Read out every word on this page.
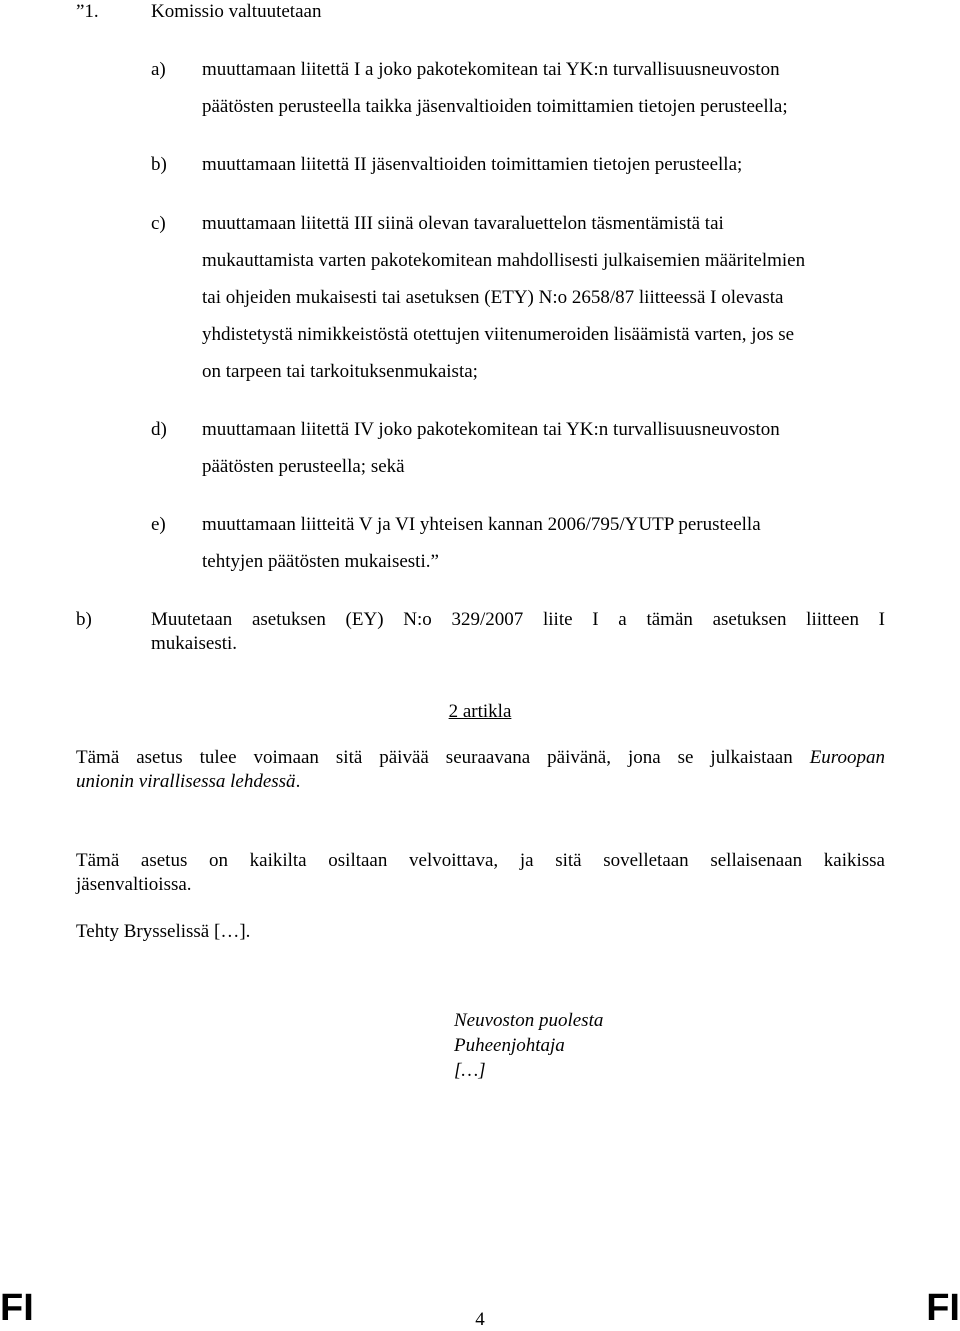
”1.	Komissio valtuutetaan
a) muuttamaan liitettä I a joko pakotekomitean tai YK:n turvallisuusneuvoston
päätösten perusteella taikka jäsenvaltioiden toimittamien tietojen perusteella;
b) muuttamaan liitettä II jäsenvaltioiden toimittamien tietojen perusteella;
c) muuttamaan liitettä III siinä olevan tavaraluettelon täsmentämistä tai
mukauttamista varten pakotekomitean mahdollisesti julkaisemien määritelmien
tai ohjeiden mukaisesti tai asetuksen (ETY) N:o 2658/87 liitteessä I olevasta
yhdistetystä nimikkeistöstä otettujen viitenumeroiden lisäämistä varten, jos se
on tarpeen tai tarkoituksenmukaista;
d) muuttamaan liitettä IV joko pakotekomitean tai YK:n turvallisuusneuvoston
päätösten perusteella; sekä
e) muuttamaan liitteitä V ja VI yhteisen kannan 2006/795/YUTP perusteella
tehtyjen päätösten mukaisesti.”
b)	Muutetaan asetuksen (EY) N:o 329/2007 liite I a tämän asetuksen liitteen I
mukaisesti.
2 artikla
Tämä asetus tulee voimaan sitä päivää seuraavana päivänä, jona se julkaistaan Euroopan
unionin virallisessa lehdessä.
Tämä asetus on kaikilta osiltaan velvoittava, ja sitä sovelletaan sellaisenaan kaikissa
jäsenvaltioissa.
Tehty Brysselissä […].
Neuvoston puolesta
Puheenjohtaja
[…]
FI	4	FI
